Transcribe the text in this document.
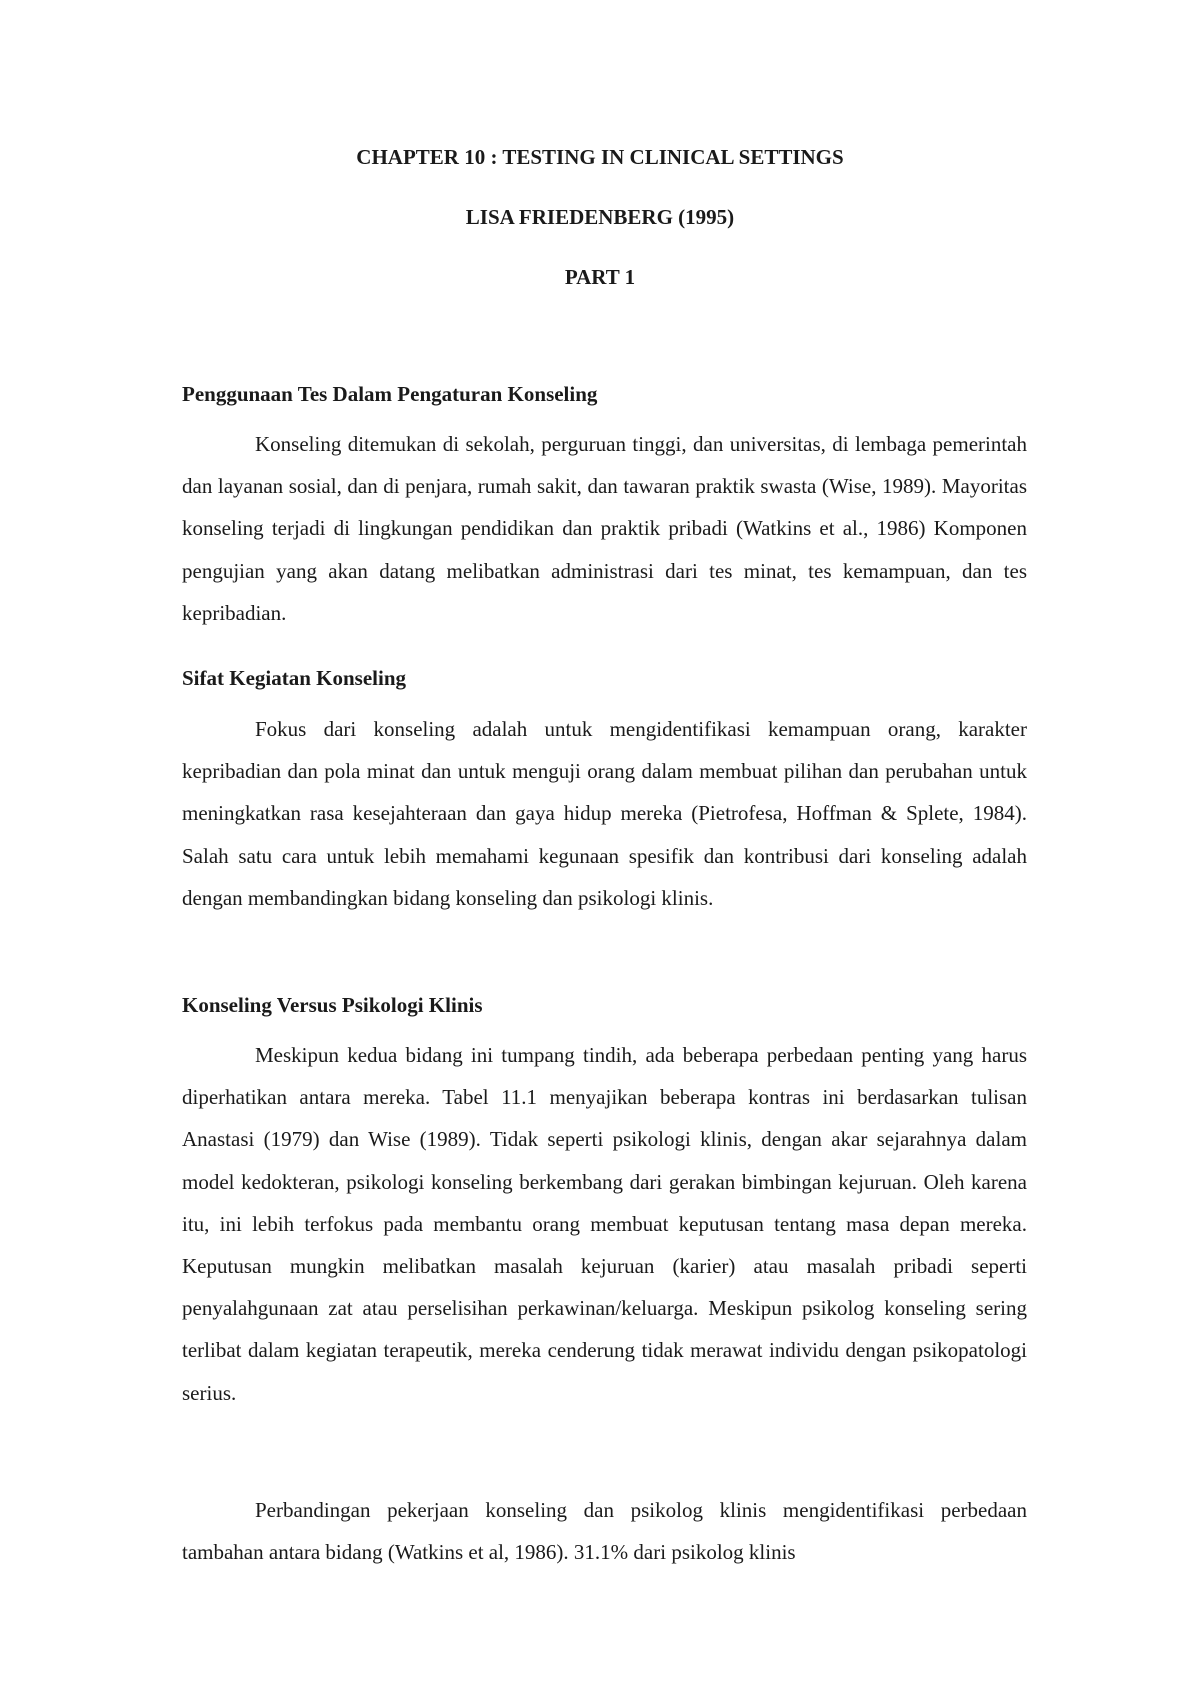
CHAPTER 10 : TESTING IN CLINICAL SETTINGS
LISA FRIEDENBERG (1995)
PART 1
Penggunaan Tes Dalam Pengaturan Konseling

Konseling ditemukan di sekolah, perguruan tinggi, dan universitas, di lembaga pemerintah dan layanan sosial, dan di penjara, rumah sakit, dan tawaran praktik swasta (Wise, 1989). Mayoritas konseling terjadi di lingkungan pendidikan dan praktik pribadi (Watkins et al., 1986) Komponen pengujian yang akan datang melibatkan administrasi dari tes minat, tes kemampuan, dan tes kepribadian.

Sifat Kegiatan Konseling

Fokus dari konseling adalah untuk mengidentifikasi kemampuan orang, karakter kepribadian dan pola minat dan untuk menguji orang dalam membuat pilihan dan perubahan untuk meningkatkan rasa kesejahteraan dan gaya hidup mereka (Pietrofesa, Hoffman & Splete, 1984). Salah satu cara untuk lebih memahami kegunaan spesifik dan kontribusi dari konseling adalah dengan membandingkan bidang konseling dan psikologi klinis.

Konseling Versus Psikologi Klinis

Meskipun kedua bidang ini tumpang tindih, ada beberapa perbedaan penting yang harus diperhatikan antara mereka. Tabel 11.1 menyajikan beberapa kontras ini berdasarkan tulisan Anastasi (1979) dan Wise (1989). Tidak seperti psikologi klinis, dengan akar sejarahnya dalam model kedokteran, psikologi konseling berkembang dari gerakan bimbingan kejuruan. Oleh karena itu, ini lebih terfokus pada membantu orang membuat keputusan tentang masa depan mereka. Keputusan mungkin melibatkan masalah kejuruan (karier) atau masalah pribadi seperti penyalahgunaan zat atau perselisihan perkawinan/keluarga. Meskipun psikolog konseling sering terlibat dalam kegiatan terapeutik, mereka cenderung tidak merawat individu dengan psikopatologi serius.

Perbandingan pekerjaan konseling dan psikolog klinis mengidentifikasi perbedaan tambahan antara bidang (Watkins et al, 1986). 31.1% dari psikolog klinis
